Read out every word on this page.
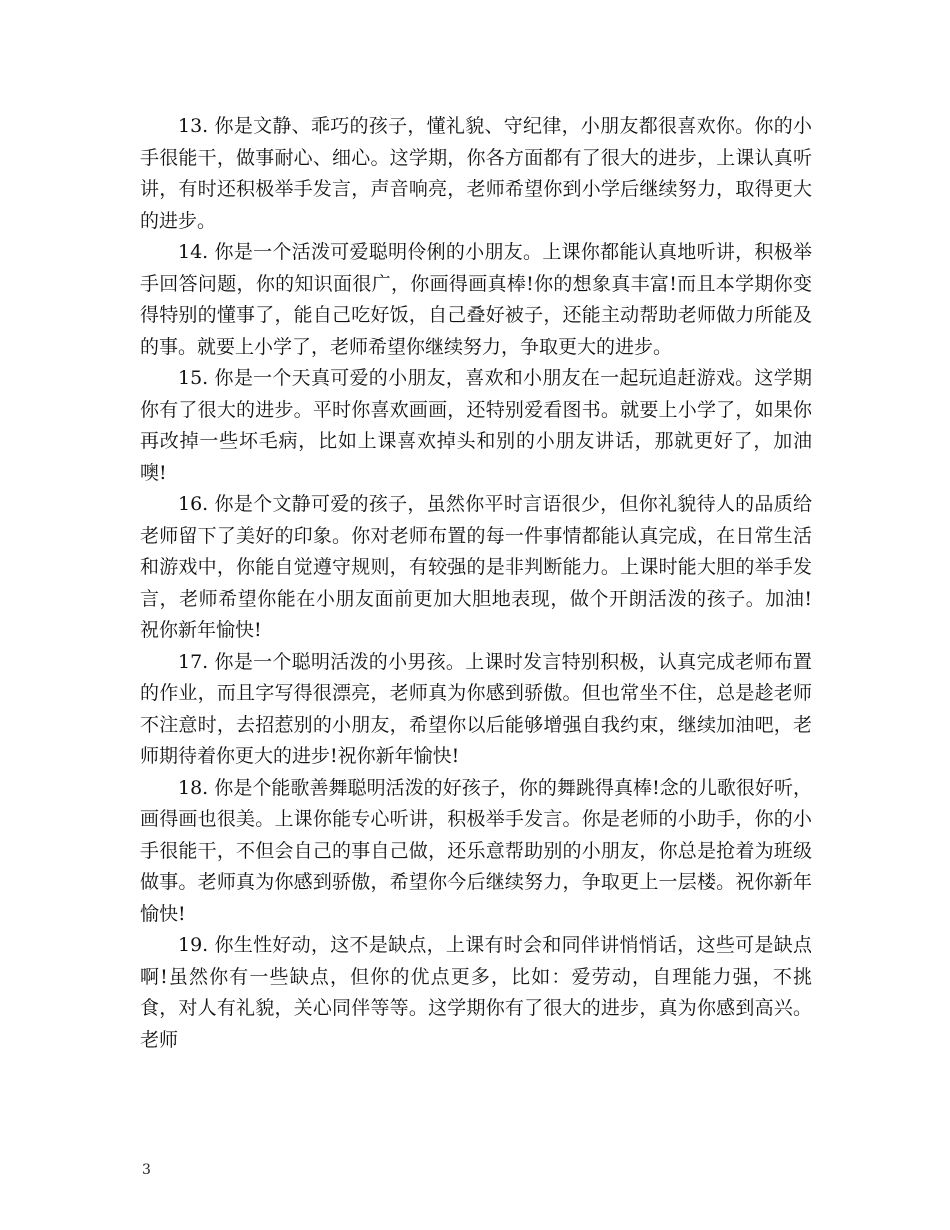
13. 你是文静、乖巧的孩子，懂礼貌、守纪律，小朋友都很喜欢你。你的小手很能干，做事耐心、细心。这学期，你各方面都有了很大的进步，上课认真听讲，有时还积极举手发言，声音响亮，老师希望你到小学后继续努力，取得更大的进步。

14. 你是一个活泼可爱聪明伶俐的小朋友。上课你都能认真地听讲，积极举手回答问题，你的知识面很广，你画得画真棒!你的想象真丰富!而且本学期你变得特别的懂事了，能自己吃好饭，自己叠好被子，还能主动帮助老师做力所能及的事。就要上小学了，老师希望你继续努力，争取更大的进步。

15. 你是一个天真可爱的小朋友，喜欢和小朋友在一起玩追赶游戏。这学期你有了很大的进步。平时你喜欢画画，还特别爱看图书。就要上小学了，如果你再改掉一些坏毛病，比如上课喜欢掉头和别的小朋友讲话，那就更好了，加油噢!

16. 你是个文静可爱的孩子，虽然你平时言语很少，但你礼貌待人的品质给老师留下了美好的印象。你对老师布置的每一件事情都能认真完成，在日常生活和游戏中，你能自觉遵守规则，有较强的是非判断能力。上课时能大胆的举手发言，老师希望你能在小朋友面前更加大胆地表现，做个开朗活泼的孩子。加油!祝你新年愉快!

17. 你是一个聪明活泼的小男孩。上课时发言特别积极，认真完成老师布置的作业，而且字写得很漂亮，老师真为你感到骄傲。但也常坐不住，总是趁老师不注意时，去招惹别的小朋友，希望你以后能够增强自我约束，继续加油吧，老师期待着你更大的进步!祝你新年愉快!

18. 你是个能歌善舞聪明活泼的好孩子，你的舞跳得真棒!念的儿歌很好听，画得画也很美。上课你能专心听讲，积极举手发言。你是老师的小助手，你的小手很能干，不但会自己的事自己做，还乐意帮助别的小朋友，你总是抢着为班级做事。老师真为你感到骄傲，希望你今后继续努力，争取更上一层楼。祝你新年愉快!

19. 你生性好动，这不是缺点，上课有时会和同伴讲悄悄话，这些可是缺点啊!虽然你有一些缺点，但你的优点更多，比如：爱劳动，自理能力强，不挑食，对人有礼貌，关心同伴等等。这学期你有了很大的进步，真为你感到高兴。老师

3
